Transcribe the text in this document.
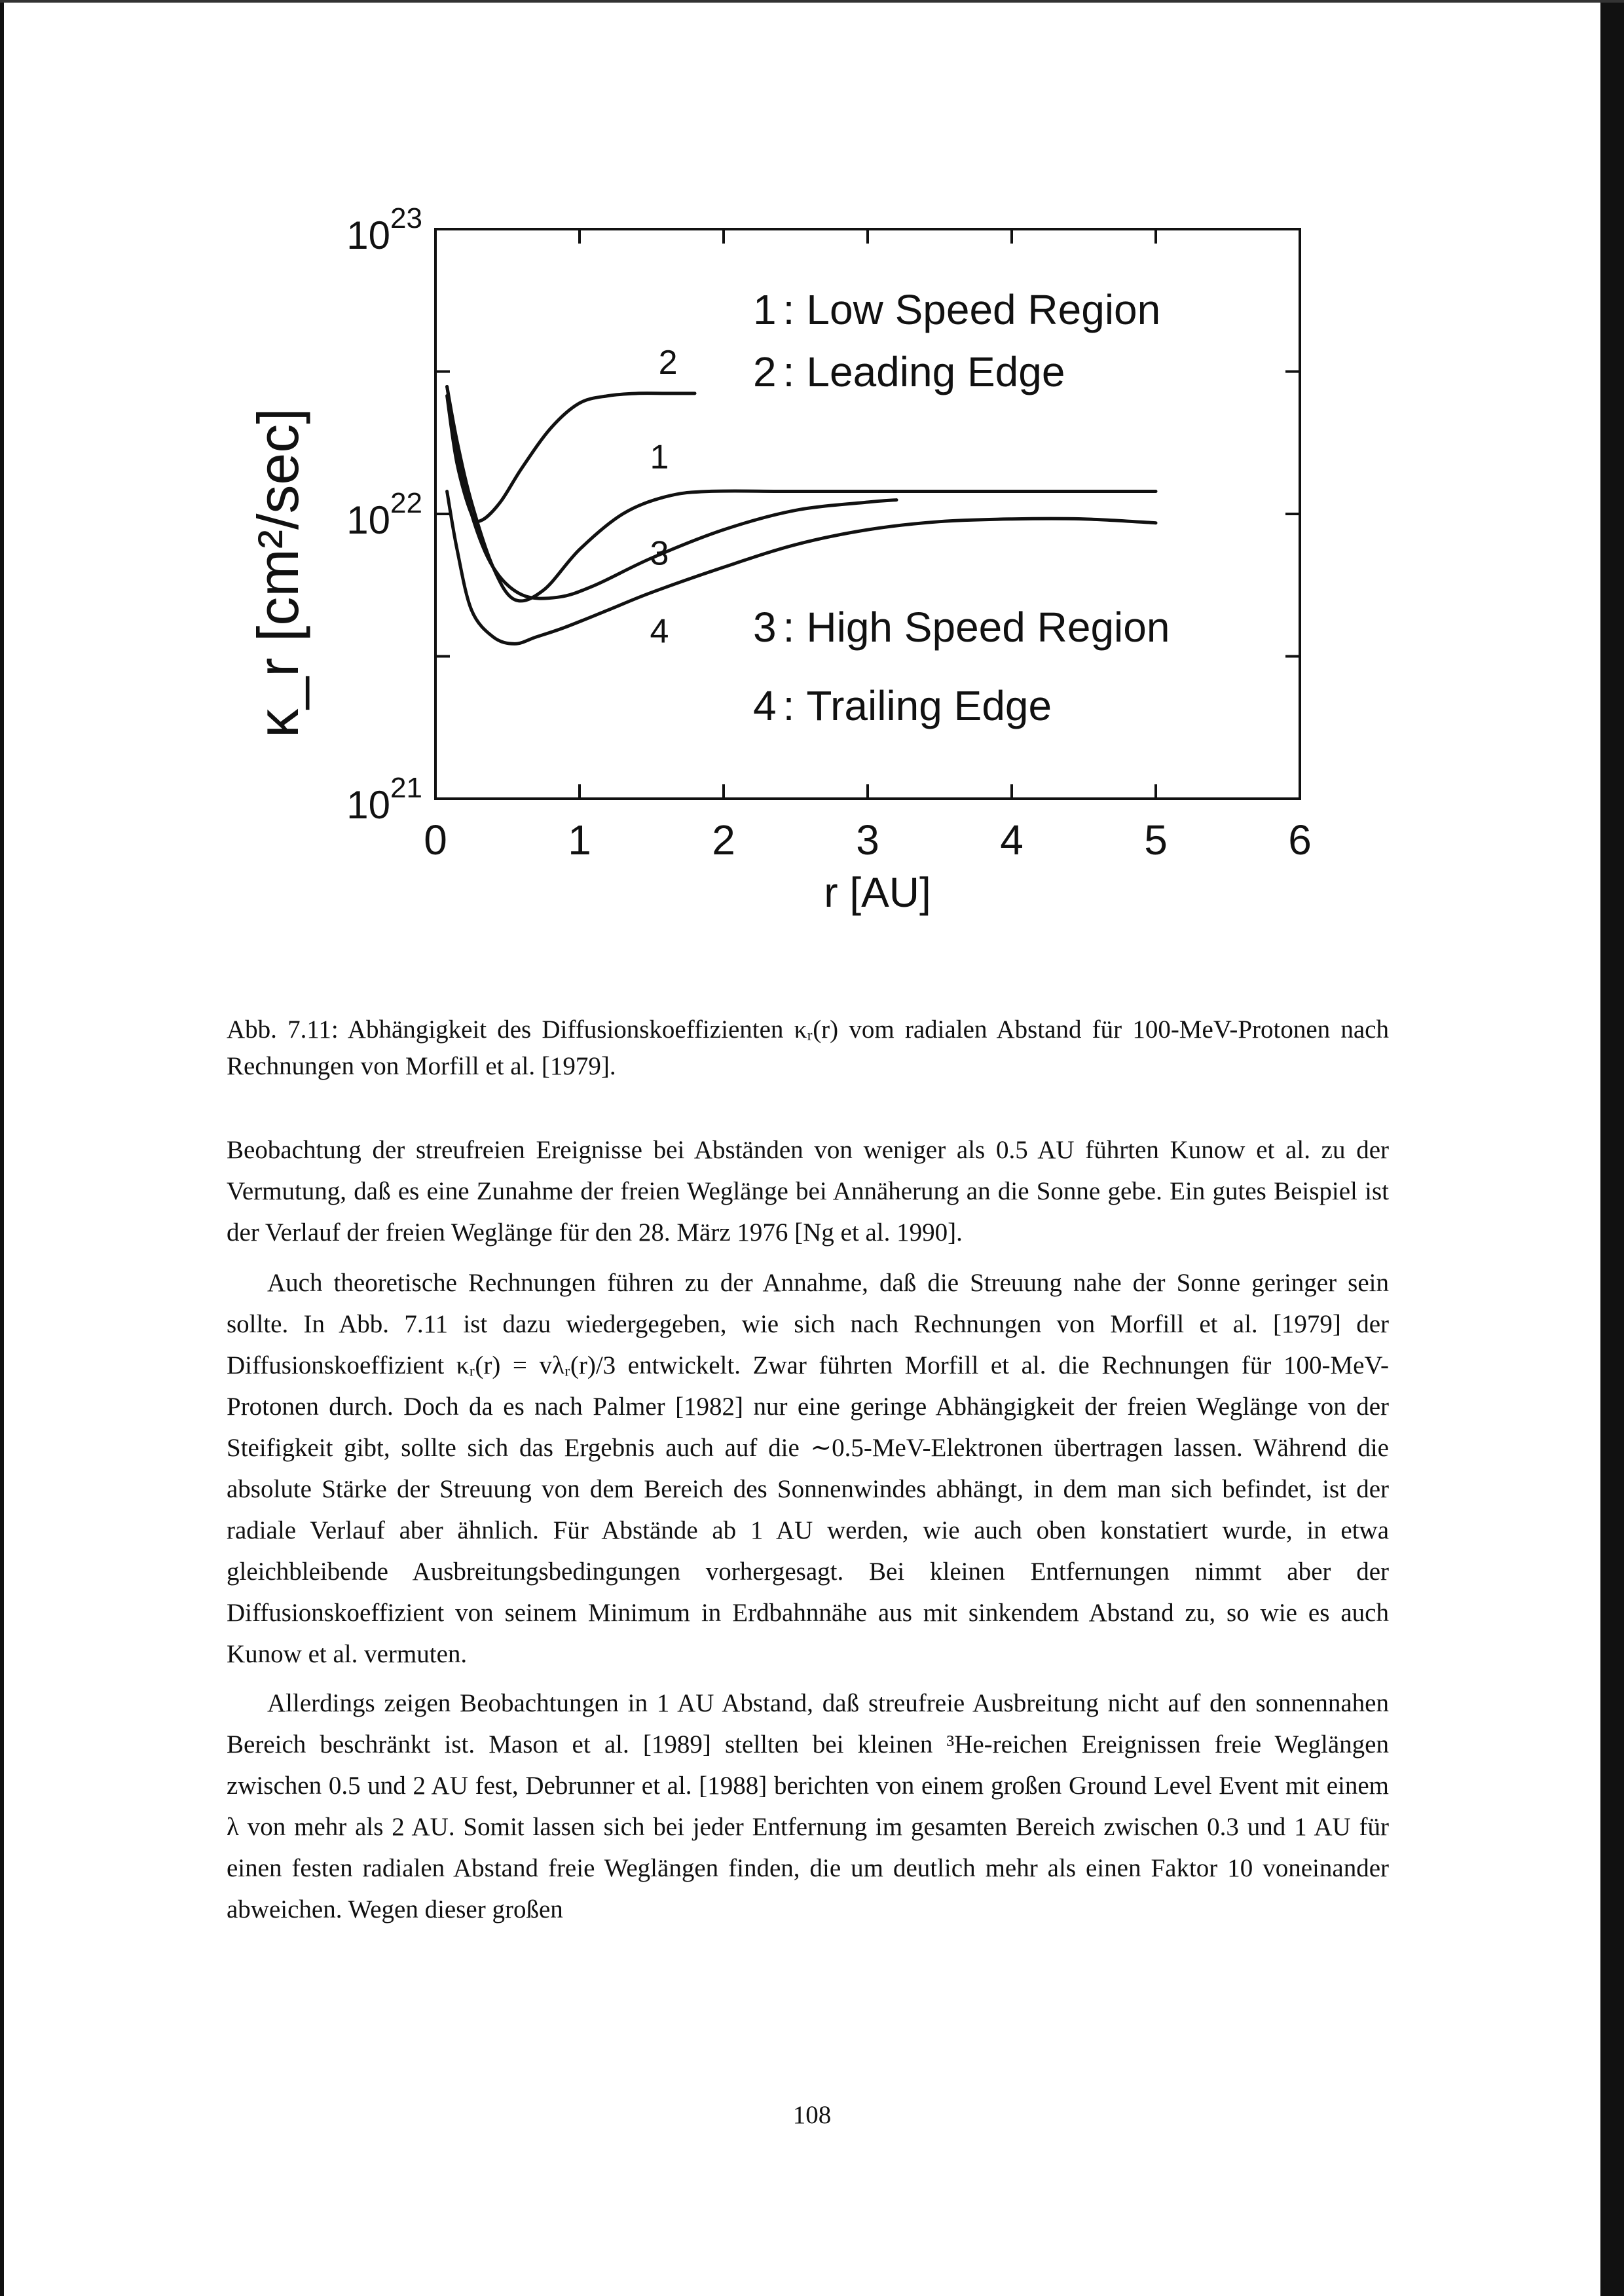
κ_r [cm²/sec]
0	1	2	3	4	5	6
$10^{21}$
$10^{22}$
$10^{23}$
r [AU]
1
2
3
4
1 : Low Speed Region
2 : Leading Edge
3 : High Speed Region
4 : Trailing Edge
Abb. 7.11: Abhängigkeit des Diffusionskoeffizienten κᵣ(r) vom radialen Abstand für 100-MeV-Protonen nach Rechnungen von Morfill et al. [1979].

Beobachtung der streufreien Ereignisse bei Abständen von weniger als 0.5 AU führten Kunow et al. zu der Vermutung, daß es eine Zunahme der freien Weglänge bei Annäherung an die Sonne gebe. Ein gutes Beispiel ist der Verlauf der freien Weglänge für den 28. März 1976 [Ng et al. 1990].

Auch theoretische Rechnungen führen zu der Annahme, daß die Streuung nahe der Sonne geringer sein sollte. In Abb. 7.11 ist dazu wiedergegeben, wie sich nach Rechnungen von Morfill et al. [1979] der Diffusionskoeffizient κᵣ(r) = vλᵣ(r)/3 entwickelt. Zwar führten Morfill et al. die Rechnungen für 100-MeV-Protonen durch. Doch da es nach Palmer [1982] nur eine geringe Abhängigkeit der freien Weglänge von der Steifigkeit gibt, sollte sich das Ergebnis auch auf die ∼0.5-MeV-Elektronen übertragen lassen. Während die absolute Stärke der Streuung von dem Bereich des Sonnenwindes abhängt, in dem man sich befindet, ist der radiale Verlauf aber ähnlich. Für Abstände ab 1 AU werden, wie auch oben konstatiert wurde, in etwa gleichbleibende Ausbreitungsbedingungen vorhergesagt. Bei kleinen Entfernungen nimmt aber der Diffusionskoeffizient von seinem Minimum in Erdbahnnähe aus mit sinkendem Abstand zu, so wie es auch Kunow et al. vermuten.

Allerdings zeigen Beobachtungen in 1 AU Abstand, daß streufreie Ausbreitung nicht auf den sonnennahen Bereich beschränkt ist. Mason et al. [1989] stellten bei kleinen ³He-reichen Ereignissen freie Weglängen zwischen 0.5 und 2 AU fest, Debrunner et al. [1988] berichten von einem großen Ground Level Event mit einem λ von mehr als 2 AU. Somit lassen sich bei jeder Entfernung im gesamten Bereich zwischen 0.3 und 1 AU für einen festen radialen Abstand freie Weglängen finden, die um deutlich mehr als einen Faktor 10 voneinander abweichen. Wegen dieser großen

108
